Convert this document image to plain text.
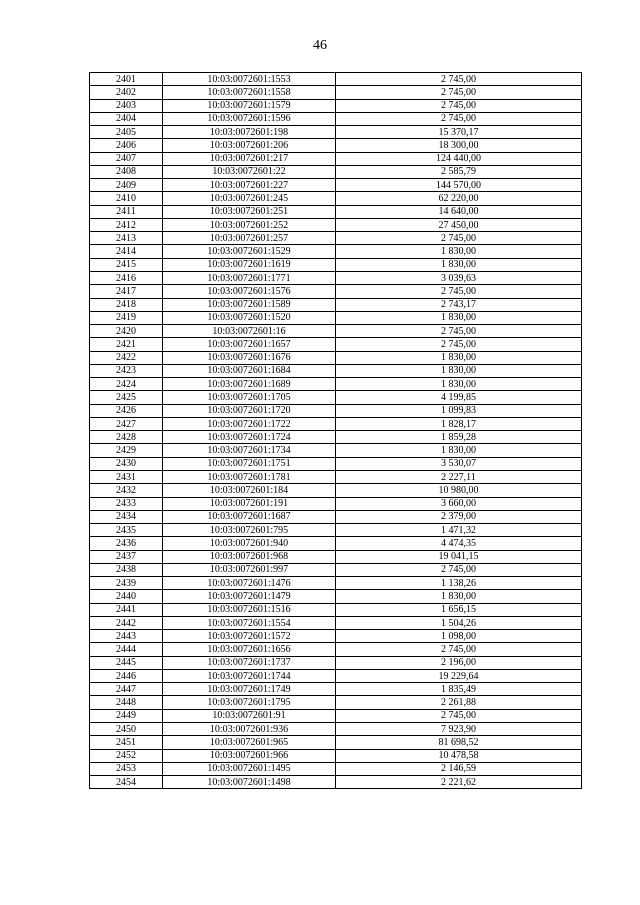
46
2401	10:03:0072601:1553	2 745,00
2402	10:03:0072601:1558	2 745,00
2403	10:03:0072601:1579	2 745,00
2404	10:03:0072601:1596	2 745,00
2405	10:03:0072601:198	15 370,17
2406	10:03:0072601:206	18 300,00
2407	10:03:0072601:217	124 440,00
2408	10:03:0072601:22	2 585,79
2409	10:03:0072601:227	144 570,00
2410	10:03:0072601:245	62 220,00
2411	10:03:0072601:251	14 640,00
2412	10:03:0072601:252	27 450,00
2413	10:03:0072601:257	2 745,00
2414	10:03:0072601:1529	1 830,00
2415	10:03:0072601:1619	1 830,00
2416	10:03:0072601:1771	3 039,63
2417	10:03:0072601:1576	2 745,00
2418	10:03:0072601:1589	2 743,17
2419	10:03:0072601:1520	1 830,00
2420	10:03:0072601:16	2 745,00
2421	10:03:0072601:1657	2 745,00
2422	10:03:0072601:1676	1 830,00
2423	10:03:0072601:1684	1 830,00
2424	10:03:0072601:1689	1 830,00
2425	10:03:0072601:1705	4 199,85
2426	10:03:0072601:1720	1 099,83
2427	10:03:0072601:1722	1 828,17
2428	10:03:0072601:1724	1 859,28
2429	10:03:0072601:1734	1 830,00
2430	10:03:0072601:1751	3 530,07
2431	10:03:0072601:1781	2 227,11
2432	10:03:0072601:184	10 980,00
2433	10:03:0072601:191	3 660,00
2434	10:03:0072601:1687	2 379,00
2435	10:03:0072601:795	1 471,32
2436	10:03:0072601:940	4 474,35
2437	10:03:0072601:968	19 041,15
2438	10:03:0072601:997	2 745,00
2439	10:03:0072601:1476	1 138,26
2440	10:03:0072601:1479	1 830,00
2441	10:03:0072601:1516	1 656,15
2442	10:03:0072601:1554	1 504,26
2443	10:03:0072601:1572	1 098,00
2444	10:03:0072601:1656	2 745,00
2445	10:03:0072601:1737	2 196,00
2446	10:03:0072601:1744	19 229,64
2447	10:03:0072601:1749	1 835,49
2448	10:03:0072601:1795	2 261,88
2449	10:03:0072601:91	2 745,00
2450	10:03:0072601:936	7 923,90
2451	10:03:0072601:965	81 698,52
2452	10:03:0072601:966	10 478,58
2453	10:03:0072601:1495	2 146,59
2454	10:03:0072601:1498	2 221,62
